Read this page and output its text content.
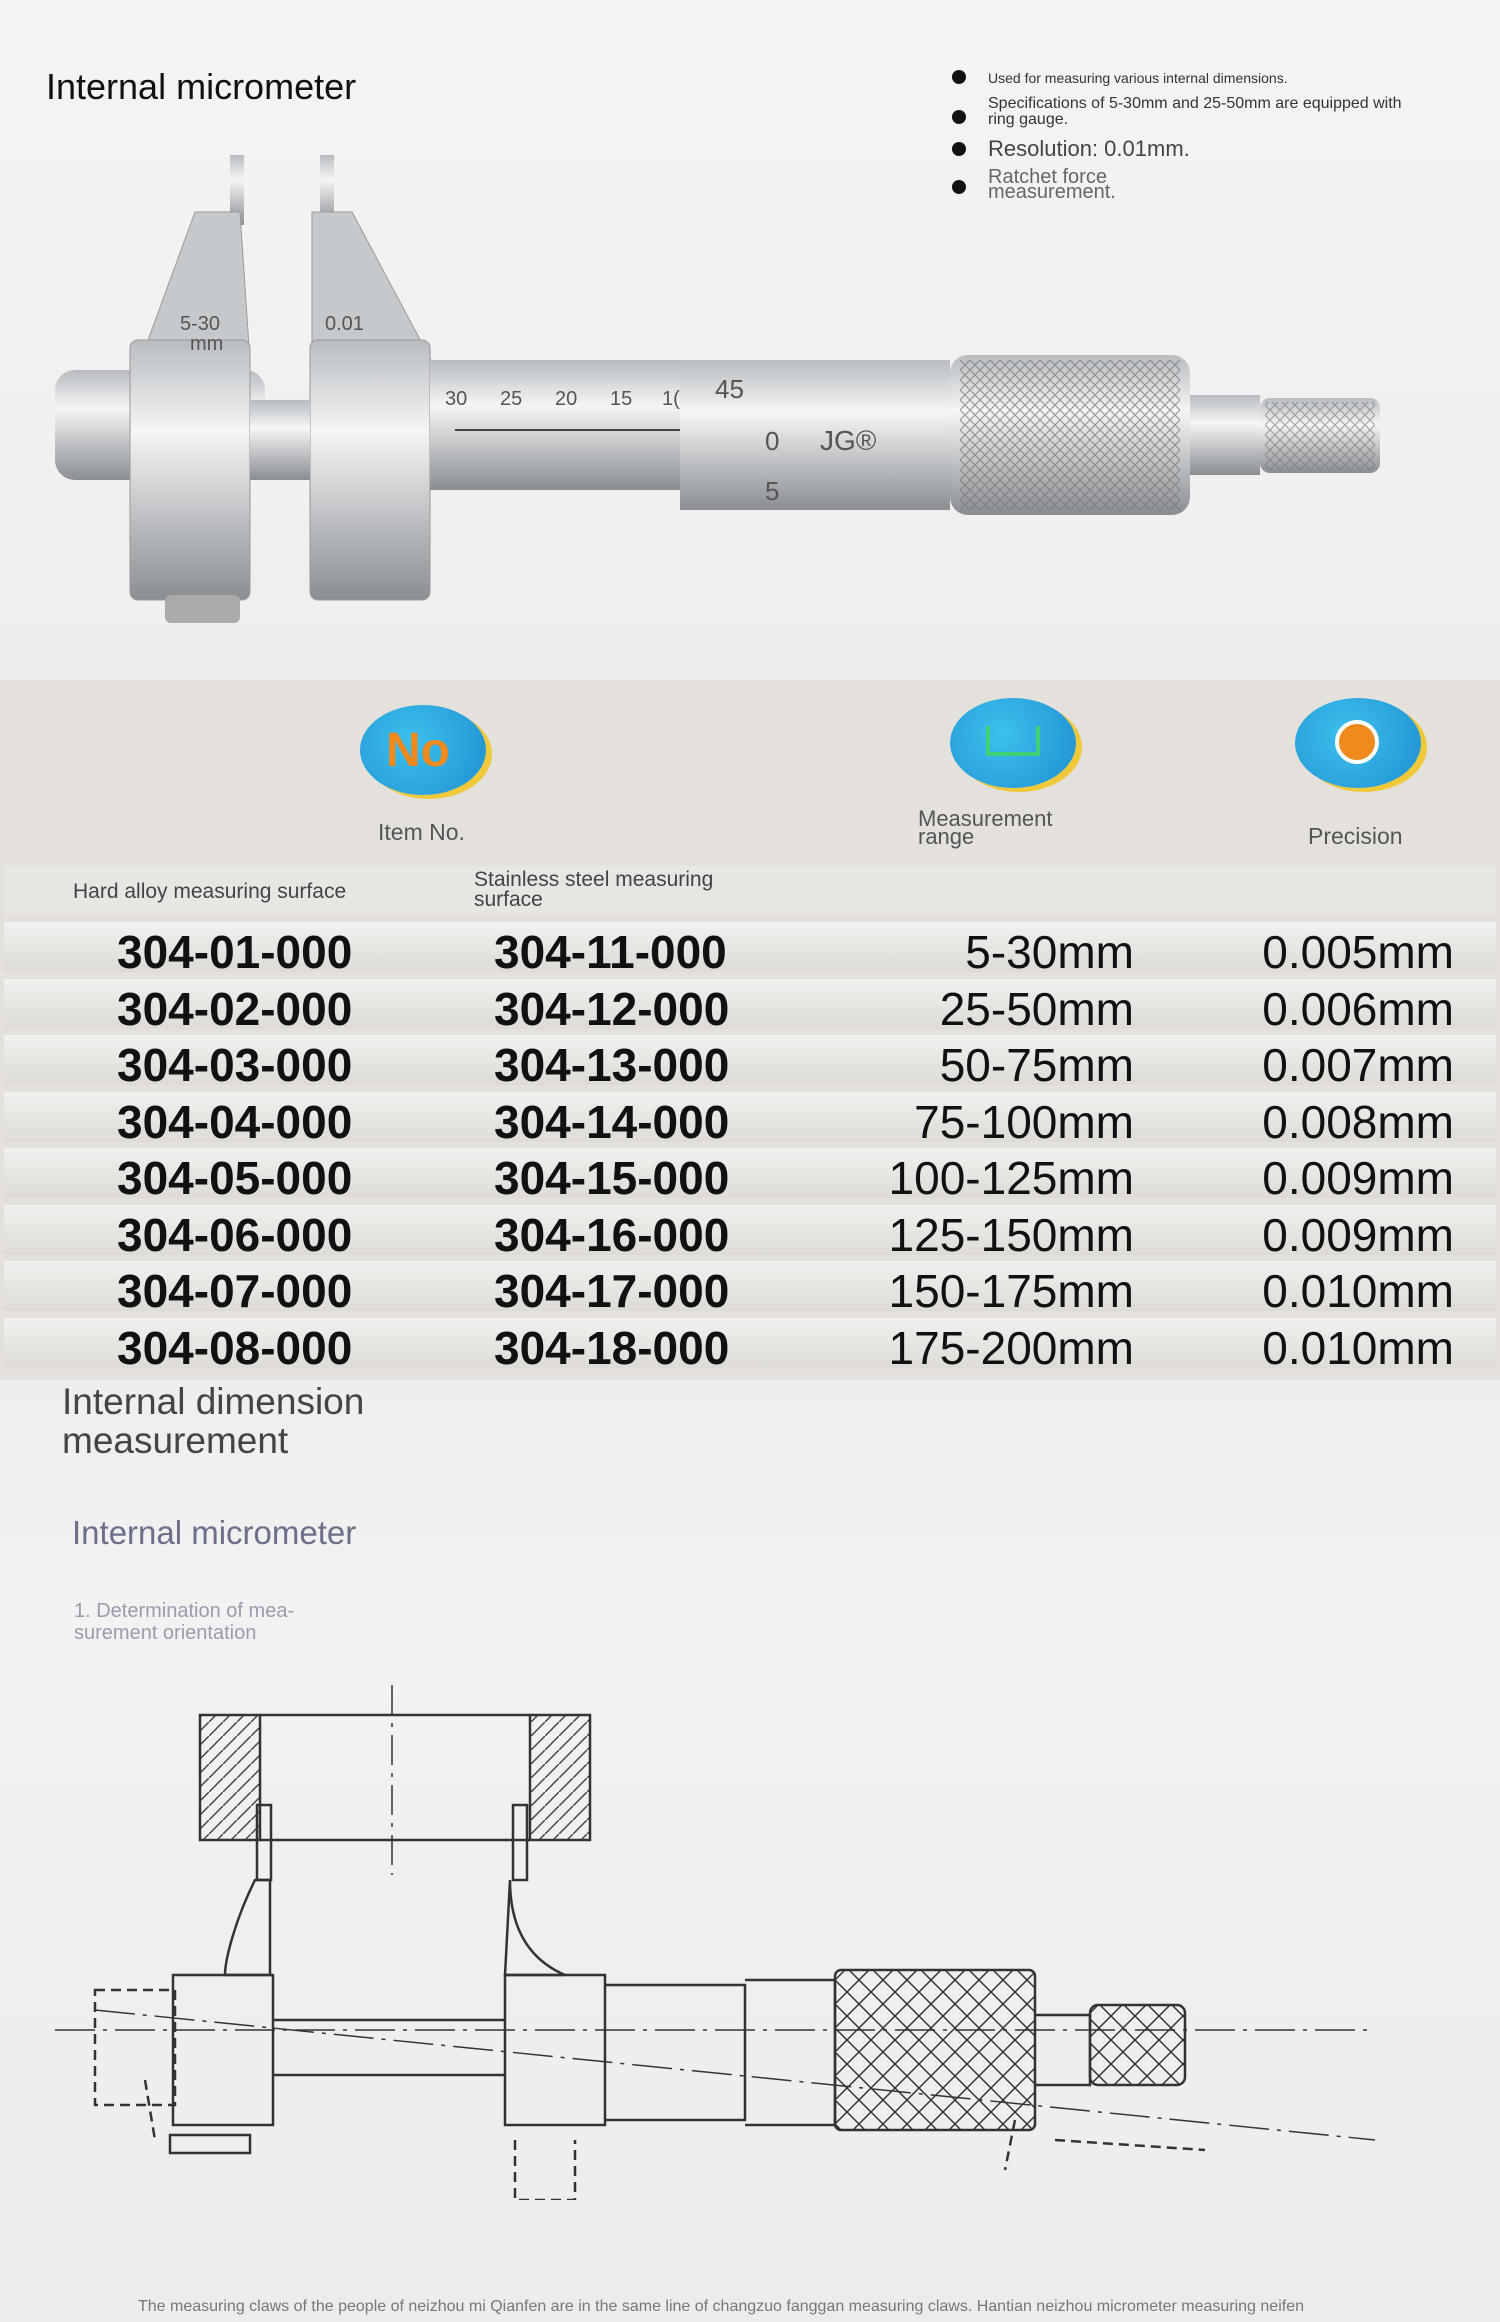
Internal micrometer	Used for measuring various internal dimensions.
Specifications of 5-30mm and 25-50mm are equipped with ring gauge.
Resolution: 0.01mm.
Ratchet force measurement.
5-30
mm
0.01
30 25 20 15 1( 45
0
5
JG®
No
Item No.
Measurement range	Precision
Hard alloy measuring surface
Stainless steel measuring surface
304-01-000	304-11-000	5-30mm	0.005mm
304-02-000	304-12-000	25-50mm	0.006mm
304-03-000	304-13-000	50-75mm	0.007mm
304-04-000	304-14-000	75-100mm	0.008mm
304-05-000	304-15-000	100-125mm	0.009mm
304-06-000	304-16-000	125-150mm	0.009mm
304-07-000	304-17-000	150-175mm	0.010mm
304-08-000	304-18-000	175-200mm	0.010mm
Internal dimension measurement
Internal micrometer
1. Determination of mea-surement orientation
The measuring claws of the people of neizhou mi Qianfen are in the same line of changzuo fanggan measuring claws. Hantian neizhou micrometer measuring neifen
